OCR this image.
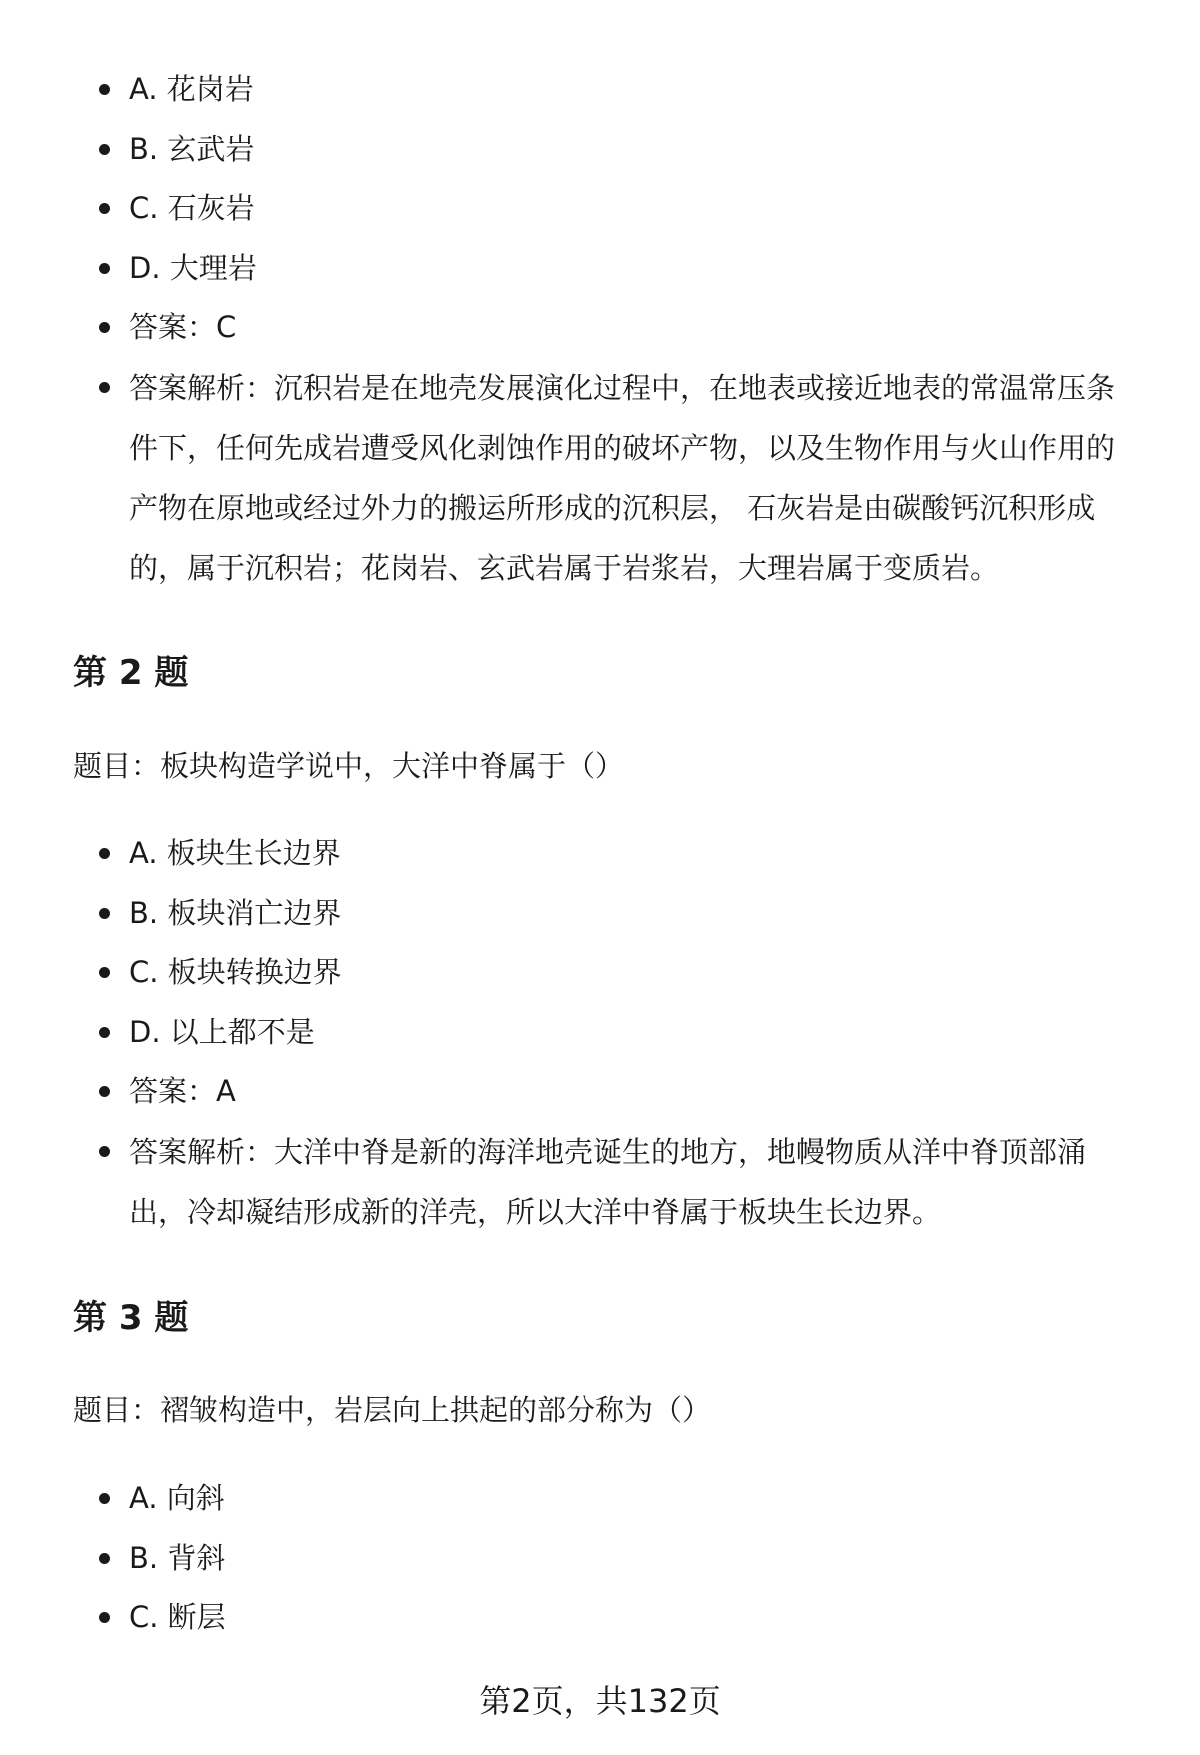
A. 花岗岩
B. 玄武岩
C. 石灰岩
D. 大理岩
答案：C
答案解析：沉积岩是在地壳发展演化过程中，在地表或接近地表的常温常压条件下，任何先成岩遭受风化剥蚀作用的破坏产物，以及生物作用与火山作用的产物在原地或经过外力的搬运所形成的沉积层， 石灰岩是由碳酸钙沉积形成的，属于沉积岩；花岗岩、玄武岩属于岩浆岩，大理岩属于变质岩。
第 2 题
题目：板块构造学说中，大洋中脊属于（）
A. 板块生长边界
B. 板块消亡边界
C. 板块转换边界
D. 以上都不是
答案：A
答案解析：大洋中脊是新的海洋地壳诞生的地方，地幔物质从洋中脊顶部涌出，冷却凝结形成新的洋壳，所以大洋中脊属于板块生长边界。
第 3 题
题目：褶皱构造中，岩层向上拱起的部分称为（）
A. 向斜
B. 背斜
C. 断层
第2页，共132页
